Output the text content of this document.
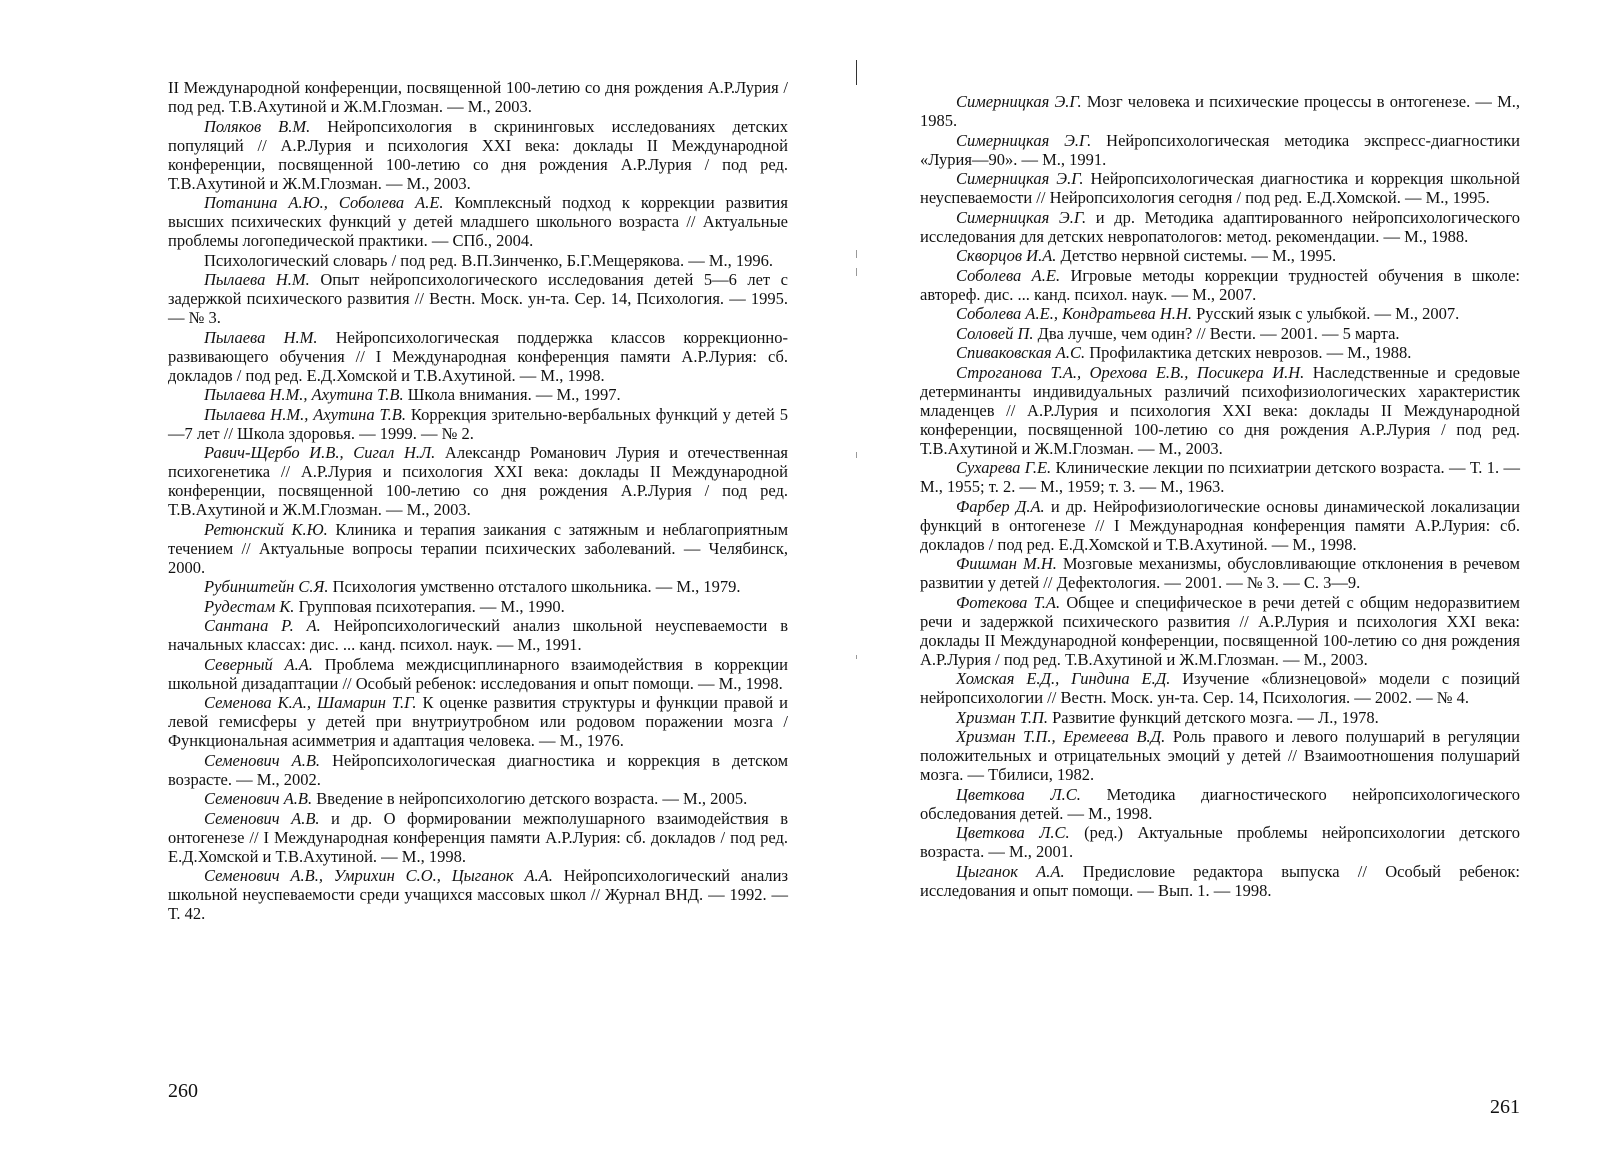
II Международной конференции, посвященной 100-летию со дня рождения А.Р.Лурия / под ред. Т.В.Ахутиной и Ж.М.Глозман. — М., 2003.

Поляков В.М. Нейропсихология в скрининговых исследованиях детских популяций // А.Р.Лурия и психология XXI века: доклады II Международной конференции, посвященной 100-летию со дня рождения А.Р.Лурия / под ред. Т.В.Ахутиной и Ж.М.Глозман. — М., 2003.

Потанина А.Ю., Соболева А.Е. Комплексный подход к коррекции развития высших психических функций у детей младшего школьного возраста // Актуальные проблемы логопедической практики. — СПб., 2004.

Психологический словарь / под ред. В.П.Зинченко, Б.Г.Мещерякова. — М., 1996.

Пылаева Н.М. Опыт нейропсихологического исследования детей 5—6 лет с задержкой психического развития // Вестн. Моск. ун-та. Сер. 14, Психология. — 1995. — № 3.

Пылаева Н.М. Нейропсихологическая поддержка классов коррекционно-развивающего обучения // I Международная конференция памяти А.Р.Лурия: сб. докладов / под ред. Е.Д.Хомской и Т.В.Ахутиной. — М., 1998.

Пылаева Н.М., Ахутина Т.В. Школа внимания. — М., 1997.

Пылаева Н.М., Ахутина Т.В. Коррекция зрительно-вербальных функций у детей 5—7 лет // Школа здоровья. — 1999. — № 2.

Равич-Щербо И.В., Сигал Н.Л. Александр Романович Лурия и отечественная психогенетика // А.Р.Лурия и психология XXI века: доклады II Международной конференции, посвященной 100-летию со дня рождения А.Р.Лурия / под ред. Т.В.Ахутиной и Ж.М.Глозман. — М., 2003.

Ретюнский К.Ю. Клиника и терапия заикания с затяжным и неблагоприятным течением // Актуальные вопросы терапии психических заболеваний. — Челябинск, 2000.

Рубинштейн С.Я. Психология умственно отсталого школьника. — М., 1979.

Рудестам К. Групповая психотерапия. — М., 1990.

Сантана Р. А. Нейропсихологический анализ школьной неуспеваемости в начальных классах: дис. ... канд. психол. наук. — М., 1991.

Северный А.А. Проблема междисциплинарного взаимодействия в коррекции школьной дизадаптации // Особый ребенок: исследования и опыт помощи. — М., 1998.

Семенова К.А., Шамарин Т.Г. К оценке развития структуры и функции правой и левой гемисферы у детей при внутриутробном или родовом поражении мозга / Функциональная асимметрия и адаптация человека. — М., 1976.

Семенович А.В. Нейропсихологическая диагностика и коррекция в детском возрасте. — М., 2002.

Семенович А.В. Введение в нейропсихологию детского возраста. — М., 2005.

Семенович А.В. и др. О формировании межполушарного взаимодействия в онтогенезе // I Международная конференция памяти А.Р.Лурия: сб. докладов / под ред. Е.Д.Хомской и Т.В.Ахутиной. — М., 1998.

Семенович А.В., Умрихин С.О., Цыганок А.А. Нейропсихологический анализ школьной неуспеваемости среди учащихся массовых школ // Журнал ВНД. — 1992. — Т. 42.

Симерницкая Э.Г. Мозг человека и психические процессы в онтогенезе. — М., 1985.

Симерницкая Э.Г. Нейропсихологическая методика экспресс-диагностики «Лурия—90». — М., 1991.

Симерницкая Э.Г. Нейропсихологическая диагностика и коррекция школьной неуспеваемости // Нейропсихология сегодня / под ред. Е.Д.Хомской. — М., 1995.

Симерницкая Э.Г. и др. Методика адаптированного нейропсихологического исследования для детских невропатологов: метод. рекомендации. — М., 1988.

Скворцов И.А. Детство нервной системы. — М., 1995.

Соболева А.Е. Игровые методы коррекции трудностей обучения в школе: автореф. дис. ... канд. психол. наук. — М., 2007.

Соболева А.Е., Кондратьева Н.Н. Русский язык с улыбкой. — М., 2007.

Соловей П. Два лучше, чем один? // Вести. — 2001. — 5 марта.

Спиваковская А.С. Профилактика детских неврозов. — М., 1988.

Строганова Т.А., Орехова Е.В., Посикера И.Н. Наследственные и средовые детерминанты индивидуальных различий психофизиологических характеристик младенцев // А.Р.Лурия и психология XXI века: доклады II Международной конференции, посвященной 100-летию со дня рождения А.Р.Лурия / под ред. Т.В.Ахутиной и Ж.М.Глозман. — М., 2003.

Сухарева Г.Е. Клинические лекции по психиатрии детского возраста. — Т. 1. — М., 1955; т. 2. — М., 1959; т. 3. — М., 1963.

Фарбер Д.А. и др. Нейрофизиологические основы динамической локализации функций в онтогенезе // I Международная конференция памяти А.Р.Лурия: сб. докладов / под ред. Е.Д.Хомской и Т.В.Ахутиной. — М., 1998.

Фишман М.Н. Мозговые механизмы, обусловливающие отклонения в речевом развитии у детей // Дефектология. — 2001. — № 3. — С. 3—9.

Фотекова Т.А. Общее и специфическое в речи детей с общим недоразвитием речи и задержкой психического развития // А.Р.Лурия и психология XXI века: доклады II Международной конференции, посвященной 100-летию со дня рождения А.Р.Лурия / под ред. Т.В.Ахутиной и Ж.М.Глозман. — М., 2003.

Хомская Е.Д., Гиндина Е.Д. Изучение «близнецовой» модели с позиций нейропсихологии // Вестн. Моск. ун-та. Сер. 14, Психология. — 2002. — № 4.

Хризман Т.П. Развитие функций детского мозга. — Л., 1978.

Хризман Т.П., Еремеева В.Д. Роль правого и левого полушарий в регуляции положительных и отрицательных эмоций у детей // Взаимоотношения полушарий мозга. — Тбилиси, 1982.

Цветкова Л.С. Методика диагностического нейропсихологического обследования детей. — М., 1998.

Цветкова Л.С. (ред.) Актуальные проблемы нейропсихологии детского возраста. — М., 2001.

Цыганок А.А. Предисловие редактора выпуска // Особый ребенок: исследования и опыт помощи. — Вып. 1. — 1998.

260
261
